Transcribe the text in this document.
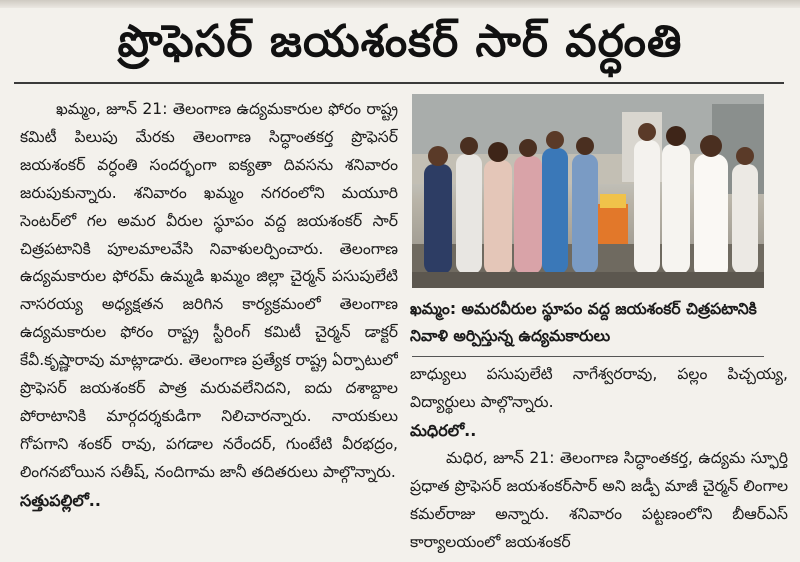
ప్రొఫెసర్ జయశంకర్ సార్ వర్ధంతి

ఖమ్మం, జూన్ 21: తెలంగాణ ఉద్యమకారుల ఫోరం రాష్ట్ర కమిటీ పిలుపు మేరకు తెలంగాణ సిద్ధాంతకర్త ప్రొఫెసర్ జయశంకర్ వర్ధంతి సందర్భంగా ఐక్యతా దివసను శనివారం జరుపుకున్నారు. శనివారం ఖమ్మం నగరంలోని మయూరి సెంటర్‌లో గల అమర వీరుల స్థూపం వద్ద జయశంకర్ సార్ చిత్రపటానికి పూలమాలవేసి నివాళులర్పించారు. తెలంగాణ ఉద్యమకారుల ఫోరమ్ ఉమ్మడి ఖమ్మం జిల్లా చైర్మన్ పసుపులేటి నాసరయ్య అధ్యక్షతన జరిగిన కార్యక్రమంలో తెలంగాణ ఉద్యమకారుల ఫోరం రాష్ట్ర స్టీరింగ్ కమిటీ చైర్మన్ డాక్టర్ కేవీ.కృష్ణారావు మాట్లాడారు. తెలంగాణ ప్రత్యేక రాష్ట్ర ఏర్పాటులో ప్రొఫెసర్ జయశంకర్ పాత్ర మరువలేనిదని, ఐదు దశాబ్దాల పోరాటానికి మార్గదర్శకుడిగా నిలిచారన్నారు. నాయకులు గోపగాని శంకర్ రావు, పగడాల నరేందర్, గుంటేటి వీరభద్రం, లింగనబోయిన సతీష్, నందిగామ జానీ తదితరులు పాల్గొన్నారు.

సత్తుపల్లిలో..
ఖమ్మం: అమరవీరుల స్థూపం వద్ద జయశంకర్ చిత్రపటానికి నివాళి అర్పిస్తున్న ఉద్యమకారులు

బాధ్యులు పసుపులేటి నాగేశ్వరరావు, పల్లం పిచ్చయ్య, విద్యార్థులు పాల్గొన్నారు.

మధిరలో..

మధిర, జూన్ 21: తెలంగాణ సిద్ధాంతకర్త, ఉద్యమ స్ఫూర్తి ప్రధాత ప్రొఫెసర్ జయశంకర్‌సార్ అని జడ్పీ మాజీ చైర్మన్ లింగాల కమల్‌రాజు అన్నారు. శనివారం పట్టణంలోని బీఆర్ఎస్ కార్యాలయంలో జయశంకర్
